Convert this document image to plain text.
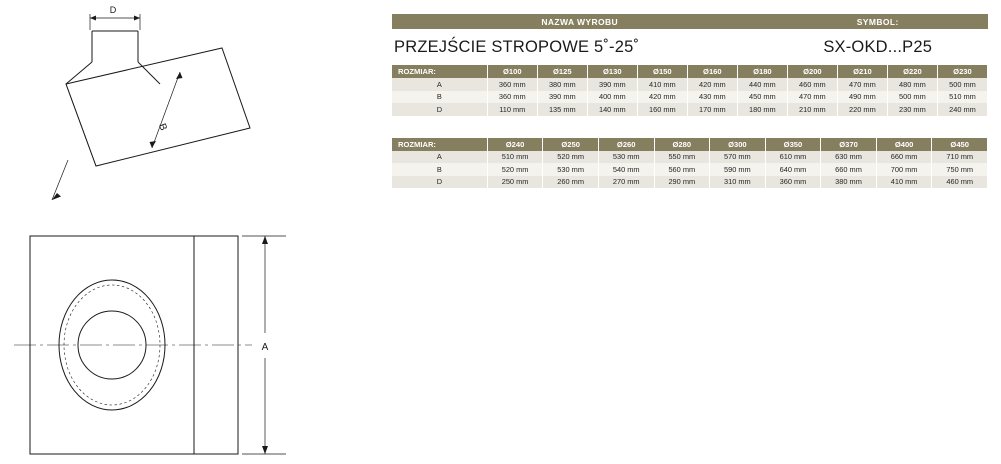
D
B
A
NAZWA WYROBU	SYMBOL:
PRZEJŚCIE STROPOWE 5˚-25˚	SX-OKD...P25
ROZMIAR:	Ø100	Ø125	Ø130	Ø150	Ø160	Ø180	Ø200	Ø210	Ø220	Ø230
A	360 mm	380 mm	390 mm	410 mm	420 mm	440 mm	460 mm	470 mm	480 mm	500 mm
B	360 mm	390 mm	400 mm	420 mm	430 mm	450 mm	470 mm	490 mm	500 mm	510 mm
D	110 mm	135 mm	140 mm	160 mm	170 mm	180 mm	210 mm	220 mm	230 mm	240 mm
ROZMIAR:	Ø240	Ø250	Ø260	Ø280	Ø300	Ø350	Ø370	Ø400	Ø450
A	510 mm	520 mm	530 mm	550 mm	570 mm	610 mm	630 mm	660 mm	710 mm
B	520 mm	530 mm	540 mm	560 mm	590 mm	640 mm	660 mm	700 mm	750 mm
D	250 mm	260 mm	270 mm	290 mm	310 mm	360 mm	380 mm	410 mm	460 mm
